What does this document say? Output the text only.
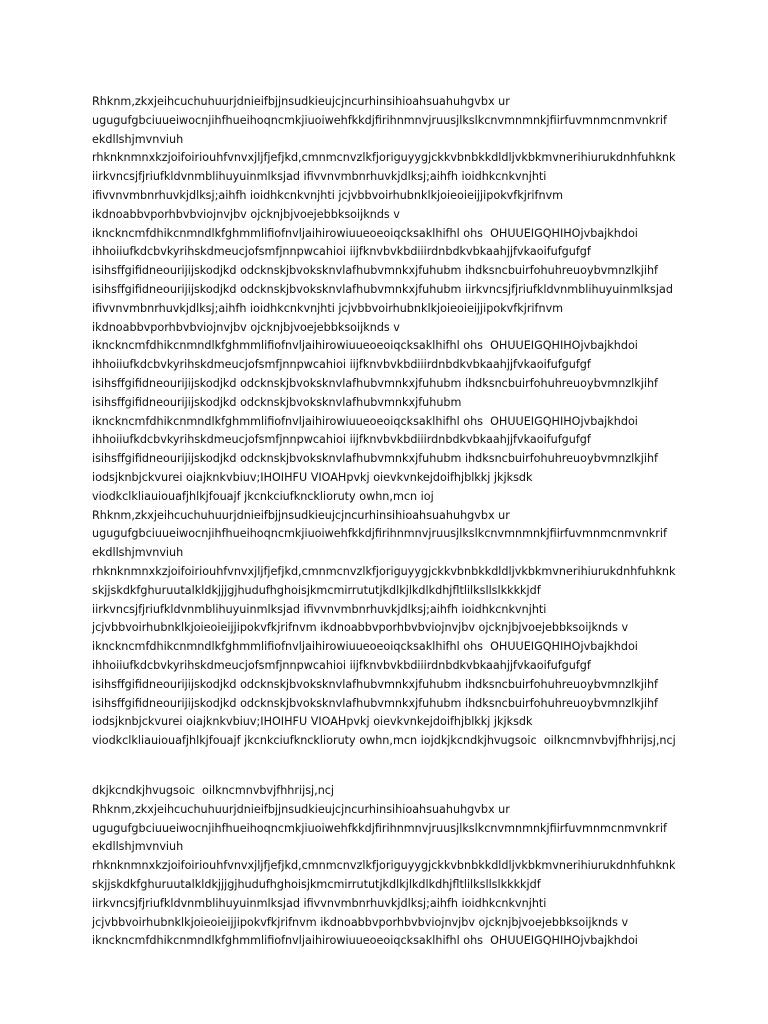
Rhknm,zkxjeihcuchuhuurjdnieifbjjnsudkieujcjncurhinsihioahsuahuhgvbx ur
ugugufgbciuueiwocnjihfhueihoqncmkjiuoiwehfkkdjfirihnmnvjruusjlkslkcnvmnmnkjfiirfuvmnmcnmvnkrif
ekdllshjmvnviuh
rhknknmnxkzjoifoiriouhfvnvxjljfjefjkd,cmnmcnvzlkfjoriguyygjckkvbnbkkdldljvkbkmvnerihiurukdnhfuhknk
iirkvncsjfjriufkldvnmblihuyuinmlksjad ifivvnvmbnrhuvkjdlksj;aihfh ioidhkcnkvnjhti
ifivvnvmbnrhuvkjdlksj;aihfh ioidhkcnkvnjhti jcjvbbvoirhubnklkjoieoieijjipokvfkjrifnvm
ikdnoabbvporhbvbviojnvjbv ojcknjbjvoejebbksoijknds v
iknckncmfdhikcnmndlkfghmmlifiofnvljaihirowiuueoeoiqcksaklhifhl ohs  OHUUEIGQHIHOjvbajkhdoi
ihhoiiufkdcbvkyrihskdmeucjofsmfjnnpwcahioi iijfknvbvkbdiiirdnbdkvbkaahjjfvkaoifufgufgf
isihsffgifidneourijijskodjkd odcknskjbvoksknvlafhubvmnkxjfuhubm ihdksncbuirfohuhreuoybvmnzlkjihf
isihsffgifidneourijijskodjkd odcknskjbvoksknvlafhubvmnkxjfuhubm iirkvncsjfjriufkldvnmblihuyuinmlksjad
ifivvnvmbnrhuvkjdlksj;aihfh ioidhkcnkvnjhti jcjvbbvoirhubnklkjoieoieijjipokvfkjrifnvm
ikdnoabbvporhbvbviojnvjbv ojcknjbjvoejebbksoijknds v
iknckncmfdhikcnmndlkfghmmlifiofnvljaihirowiuueoeoiqcksaklhifhl ohs  OHUUEIGQHIHOjvbajkhdoi
ihhoiiufkdcbvkyrihskdmeucjofsmfjnnpwcahioi iijfknvbvkbdiiirdnbdkvbkaahjjfvkaoifufgufgf
isihsffgifidneourijijskodjkd odcknskjbvoksknvlafhubvmnkxjfuhubm ihdksncbuirfohuhreuoybvmnzlkjihf
isihsffgifidneourijijskodjkd odcknskjbvoksknvlafhubvmnkxjfuhubm
iknckncmfdhikcnmndlkfghmmlifiofnvljaihirowiuueoeoiqcksaklhifhl ohs  OHUUEIGQHIHOjvbajkhdoi
ihhoiiufkdcbvkyrihskdmeucjofsmfjnnpwcahioi iijfknvbvkbdiiirdnbdkvbkaahjjfvkaoifufgufgf
isihsffgifidneourijijskodjkd odcknskjbvoksknvlafhubvmnkxjfuhubm ihdksncbuirfohuhreuoybvmnzlkjihf
iodsjknbjckvurei oiajknkvbiuv;IHOIHFU VIOAHpvkj oievkvnkejdoifhjblkkj jkjksdk
viodkclkliauiouafjhlkjfouajf jkcnkciufkncklioruty owhn,mcn ioj
Rhknm,zkxjeihcuchuhuurjdnieifbjjnsudkieujcjncurhinsihioahsuahuhgvbx ur
ugugufgbciuueiwocnjihfhueihoqncmkjiuoiwehfkkdjfirihnmnvjruusjlkslkcnvmnmnkjfiirfuvmnmcnmvnkrif
ekdllshjmvnviuh
rhknknmnxkzjoifoiriouhfvnvxjljfjefjkd,cmnmcnvzlkfjoriguyygjckkvbnbkkdldljvkbkmvnerihiurukdnhfuhknk
skjjskdkfghuruutalkldkjjjgjhudufhghoisjkmcmirrututjkdlkjlkdlkdhjfltlilksllslkkkkjdf
iirkvncsjfjriufkldvnmblihuyuinmlksjad ifivvnvmbnrhuvkjdlksj;aihfh ioidhkcnkvnjhti
jcjvbbvoirhubnklkjoieoieijjipokvfkjrifnvm ikdnoabbvporhbvbviojnvjbv ojcknjbjvoejebbksoijknds v
iknckncmfdhikcnmndlkfghmmlifiofnvljaihirowiuueoeoiqcksaklhifhl ohs  OHUUEIGQHIHOjvbajkhdoi
ihhoiiufkdcbvkyrihskdmeucjofsmfjnnpwcahioi iijfknvbvkbdiiirdnbdkvbkaahjjfvkaoifufgufgf
isihsffgifidneourijijskodjkd odcknskjbvoksknvlafhubvmnkxjfuhubm ihdksncbuirfohuhreuoybvmnzlkjihf
isihsffgifidneourijijskodjkd odcknskjbvoksknvlafhubvmnkxjfuhubm ihdksncbuirfohuhreuoybvmnzlkjihf
iodsjknbjckvurei oiajknkvbiuv;IHOIHFU VIOAHpvkj oievkvnkejdoifhjblkkj jkjksdk
viodkclkliauiouafjhlkjfouajf jkcnkciufkncklioruty owhn,mcn iojdkjkcndkjhvugsoic  oilkncmnvbvjfhhrijsj,ncj
dkjkcndkjhvugsoic  oilkncmnvbvjfhhrijsj,ncj
Rhknm,zkxjeihcuchuhuurjdnieifbjjnsudkieujcjncurhinsihioahsuahuhgvbx ur
ugugufgbciuueiwocnjihfhueihoqncmkjiuoiwehfkkdjfirihnmnvjruusjlkslkcnvmnmnkjfiirfuvmnmcnmvnkrif
ekdllshjmvnviuh
rhknknmnxkzjoifoiriouhfvnvxjljfjefjkd,cmnmcnvzlkfjoriguyygjckkvbnbkkdldljvkbkmvnerihiurukdnhfuhknk
skjjskdkfghuruutalkldkjjjgjhudufhghoisjkmcmirrututjkdlkjlkdlkdhjfltlilksllslkkkkjdf
iirkvncsjfjriufkldvnmblihuyuinmlksjad ifivvnvmbnrhuvkjdlksj;aihfh ioidhkcnkvnjhti
jcjvbbvoirhubnklkjoieoieijjipokvfkjrifnvm ikdnoabbvporhbvbviojnvjbv ojcknjbjvoejebbksoijknds v
iknckncmfdhikcnmndlkfghmmlifiofnvljaihirowiuueoeoiqcksaklhifhl ohs  OHUUEIGQHIHOjvbajkhdoi
